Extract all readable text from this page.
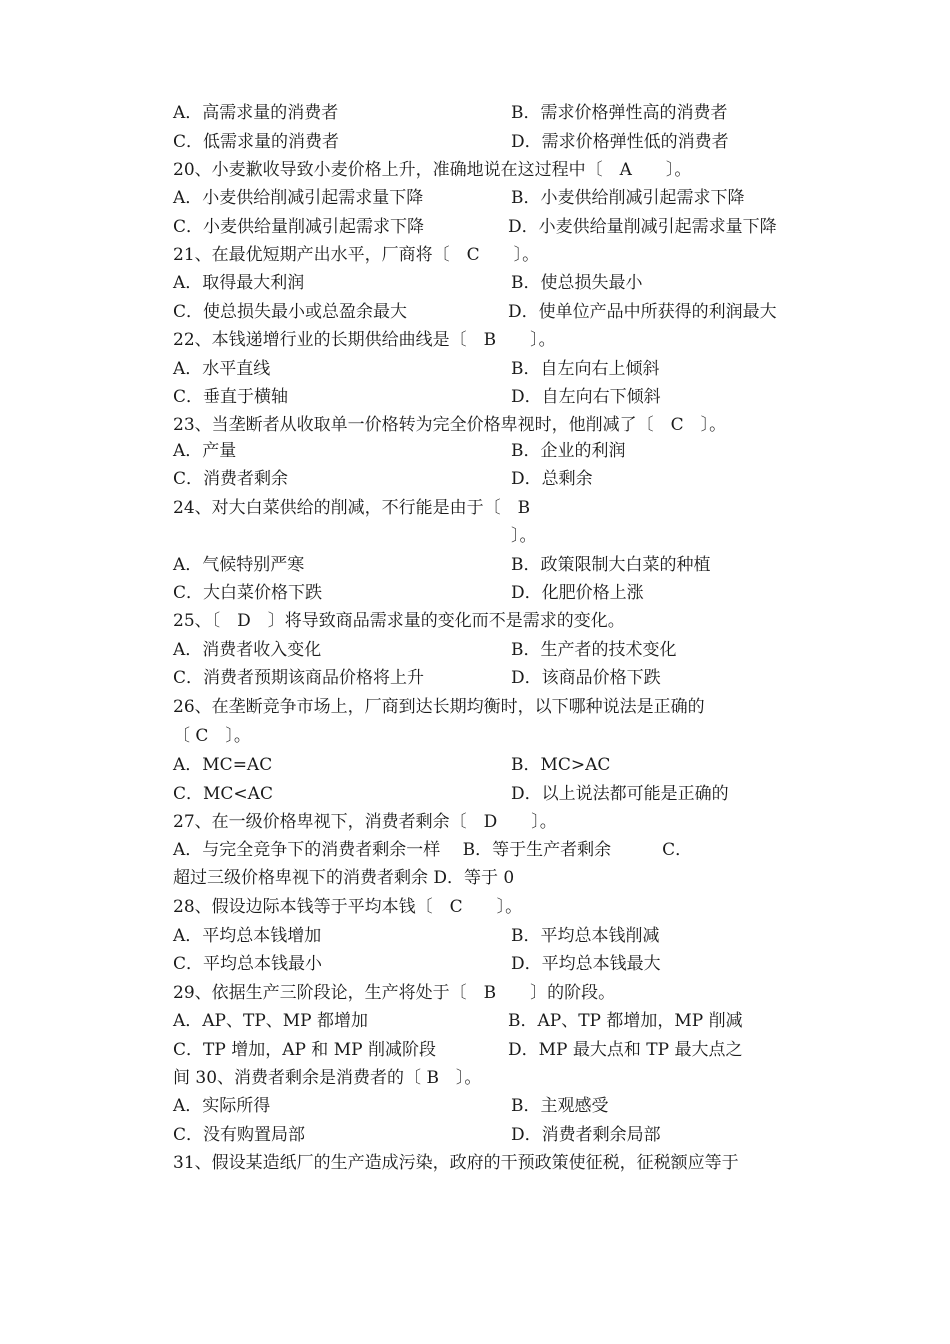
A．高需求量的消费者	B．需求价格弹性高的消费者
C．低需求量的消费者	D．需求价格弹性低的消费者
20、小麦歉收导致小麦价格上升，准确地说在这过程中〔　A　　〕。
A．小麦供给削减引起需求量下降	B．小麦供给削减引起需求下降
C．小麦供给量削减引起需求下降	D．小麦供给量削减引起需求量下降
21、在最优短期产出水平，厂商将〔　C　　〕。
A．取得最大利润	B．使总损失最小
C．使总损失最小或总盈余最大	D．使单位产品中所获得的利润最大
22、本钱递增行业的长期供给曲线是〔　B　　〕。
A．水平直线	B．自左向右上倾斜
C．垂直于横轴	D．自左向右下倾斜
23、当垄断者从收取单一价格转为完全价格卑视时，他削减了〔　C　〕。
A．产量	B．企业的利润
C．消费者剩余	D．总剩余
24、对大白菜供给的削减，不行能是由于〔　B
〕。
A．气候特别严寒	B．政策限制大白菜的种植
C．大白菜价格下跌	D．化肥价格上涨
25、〔　D　〕将导致商品需求量的变化而不是需求的变化。
A．消费者收入变化	B．生产者的技术变化
C．消费者预期该商品价格将上升	D．该商品价格下跌
26、在垄断竞争市场上，厂商到达长期均衡时，以下哪种说法是正确的
〔 C　〕。
A．MC=AC	B．MC>AC
C．MC<AC	D．以上说法都可能是正确的
27、在一级价格卑视下，消费者剩余〔　D　　〕。
A．与完全竞争下的消费者剩余一样　 B．等于生产者剩余　　　C．
超过三级价格卑视下的消费者剩余 D．等于 0
28、假设边际本钱等于平均本钱〔　C　　〕。
A．平均总本钱增加	B．平均总本钱削减
C．平均总本钱最小	D．平均总本钱最大
29、依据生产三阶段论，生产将处于〔　B　　〕的阶段。
A．AP、TP、MP 都增加	B．AP、TP 都增加，MP 削减
C．TP 增加，AP 和 MP 削减阶段	D．MP 最大点和 TP 最大点之
间 30、消费者剩余是消费者的〔 B　〕。
A．实际所得	B．主观感受
C．没有购置局部	D．消费者剩余局部
31、假设某造纸厂的生产造成污染，政府的干预政策使征税，征税额应等于
